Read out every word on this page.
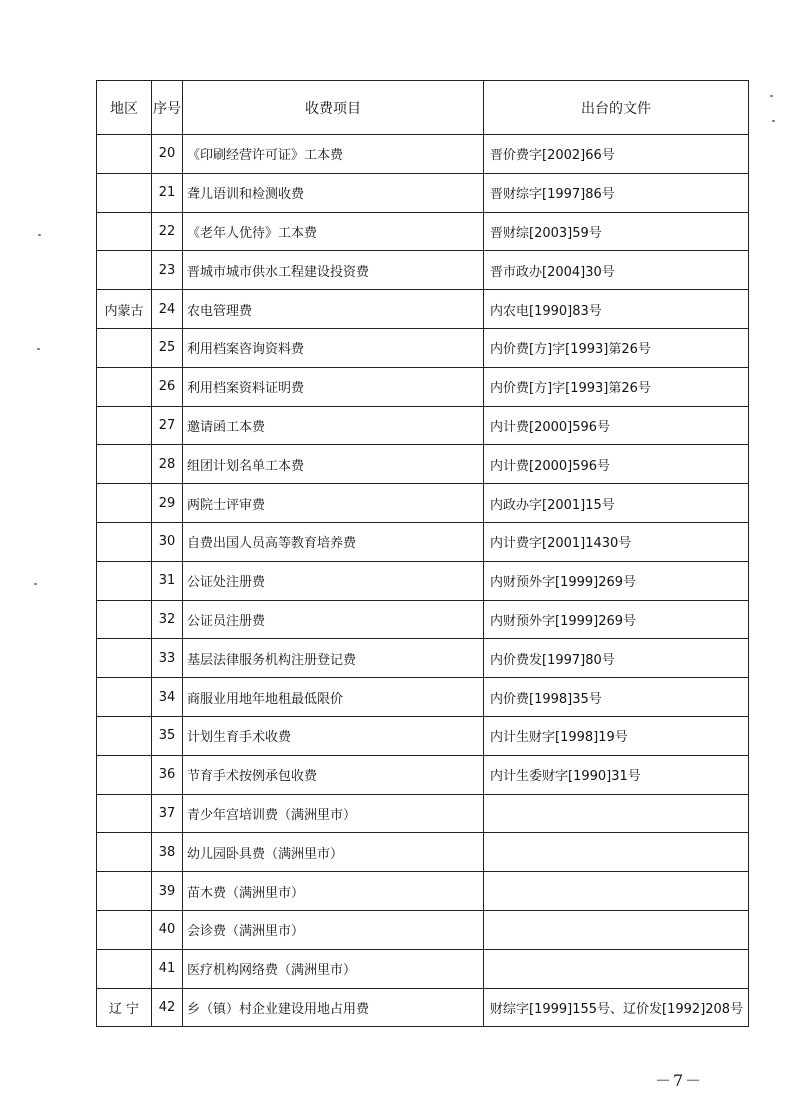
地区	序号	收费项目	出台的文件
	20	《印刷经营许可证》工本费	晋价费字[2002]66号
	21	聋儿语训和检测收费	晋财综字[1997]86号
	22	《老年人优待》工本费	晋财综[2003]59号
	23	晋城市城市供水工程建设投资费	晋市政办[2004]30号
内蒙古	24	农电管理费	内农电[1990]83号
	25	利用档案咨询资料费	内价费[方]字[1993]第26号
	26	利用档案资料证明费	内价费[方]字[1993]第26号
	27	邀请函工本费	内计费[2000]596号
	28	组团计划名单工本费	内计费[2000]596号
	29	两院士评审费	内政办字[2001]15号
	30	自费出国人员高等教育培养费	内计费字[2001]1430号
	31	公证处注册费	内财预外字[1999]269号
	32	公证员注册费	内财预外字[1999]269号
	33	基层法律服务机构注册登记费	内价费发[1997]80号
	34	商服业用地年地租最低限价	内价费[1998]35号
	35	计划生育手术收费	内计生财字[1998]19号
	36	节育手术按例承包收费	内计生委财字[1990]31号
	37	青少年宫培训费（满洲里市）	
	38	幼儿园卧具费（满洲里市）	
	39	苗木费（满洲里市）	
	40	会诊费（满洲里市）	
	41	医疗机构网络费（满洲里市）	
辽 宁	42	乡（镇）村企业建设用地占用费	财综字[1999]155号、辽价发[1992]208号
－7－
